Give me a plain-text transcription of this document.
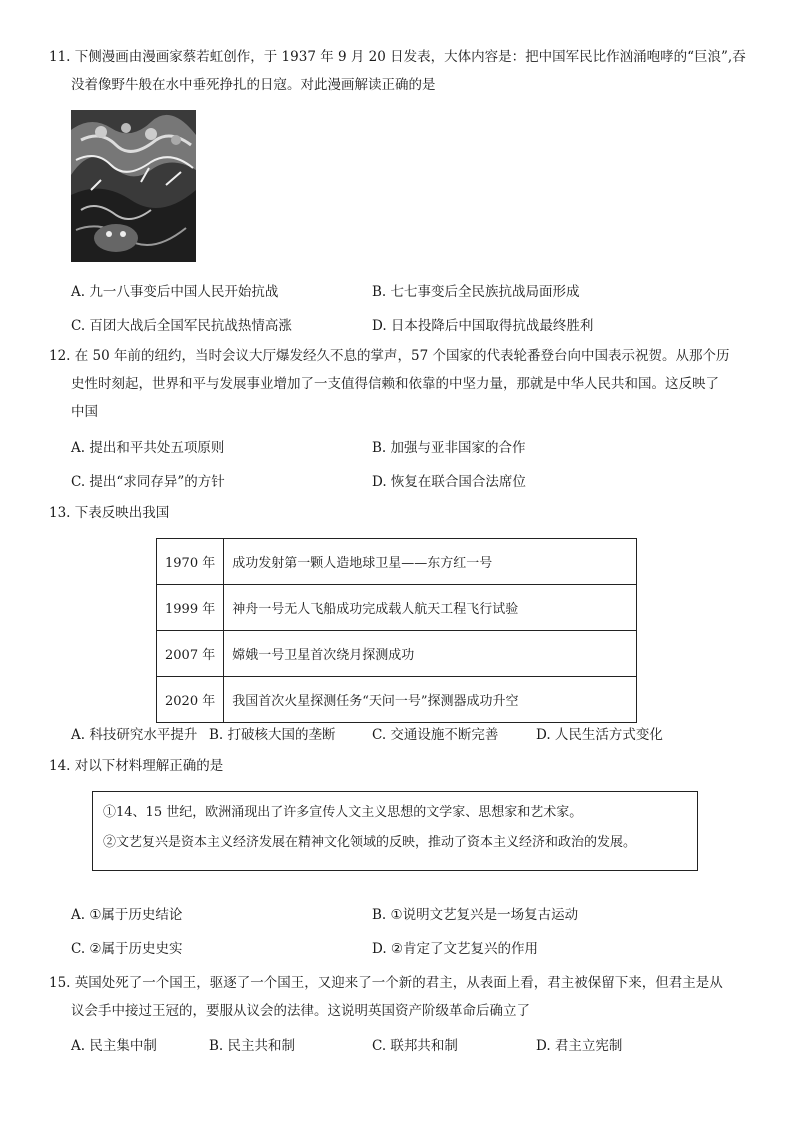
11. 下侧漫画由漫画家蔡若虹创作，于 1937 年 9 月 20 日发表，大体内容是：把中国军民比作汹涌咆哮的“巨浪”,吞
没着像野牛般在水中垂死挣扎的日寇。对此漫画解读正确的是
A. 九一八事变后中国人民开始抗战	B. 七七事变后全民族抗战局面形成
C. 百团大战后全国军民抗战热情高涨	D. 日本投降后中国取得抗战最终胜利
12. 在 50 年前的纽约，当时会议大厅爆发经久不息的掌声，57 个国家的代表轮番登台向中国表示祝贺。从那个历
史性时刻起，世界和平与发展事业增加了一支值得信赖和依靠的中坚力量，那就是中华人民共和国。这反映了
中国
A. 提出和平共处五项原则	B. 加强与亚非国家的合作
C. 提出“求同存异”的方针	D. 恢复在联合国合法席位
13. 下表反映出我国
1970 年	成功发射第一颗人造地球卫星——东方红一号
1999 年	神舟一号无人飞船成功完成载人航天工程飞行试验
2007 年	嫦娥一号卫星首次绕月探测成功
2020 年	我国首次火星探测任务“天问一号”探测器成功升空
A. 科技研究水平提升 B. 打破核大国的垄断	C. 交通设施不断完善	D. 人民生活方式变化
14. 对以下材料理解正确的是
①14、15 世纪，欧洲涌现出了许多宣传人文主义思想的文学家、思想家和艺术家。
②文艺复兴是资本主义经济发展在精神文化领域的反映，推动了资本主义经济和政治的发展。
A. ①属于历史结论	B. ①说明文艺复兴是一场复古运动
C. ②属于历史史实	D. ②肯定了文艺复兴的作用
15. 英国处死了一个国王，驱逐了一个国王，又迎来了一个新的君主，从表面上看，君主被保留下来，但君主是从
议会手中接过王冠的，要服从议会的法律。这说明英国资产阶级革命后确立了
A. 民主集中制	B. 民主共和制	C. 联邦共和制	D. 君主立宪制
